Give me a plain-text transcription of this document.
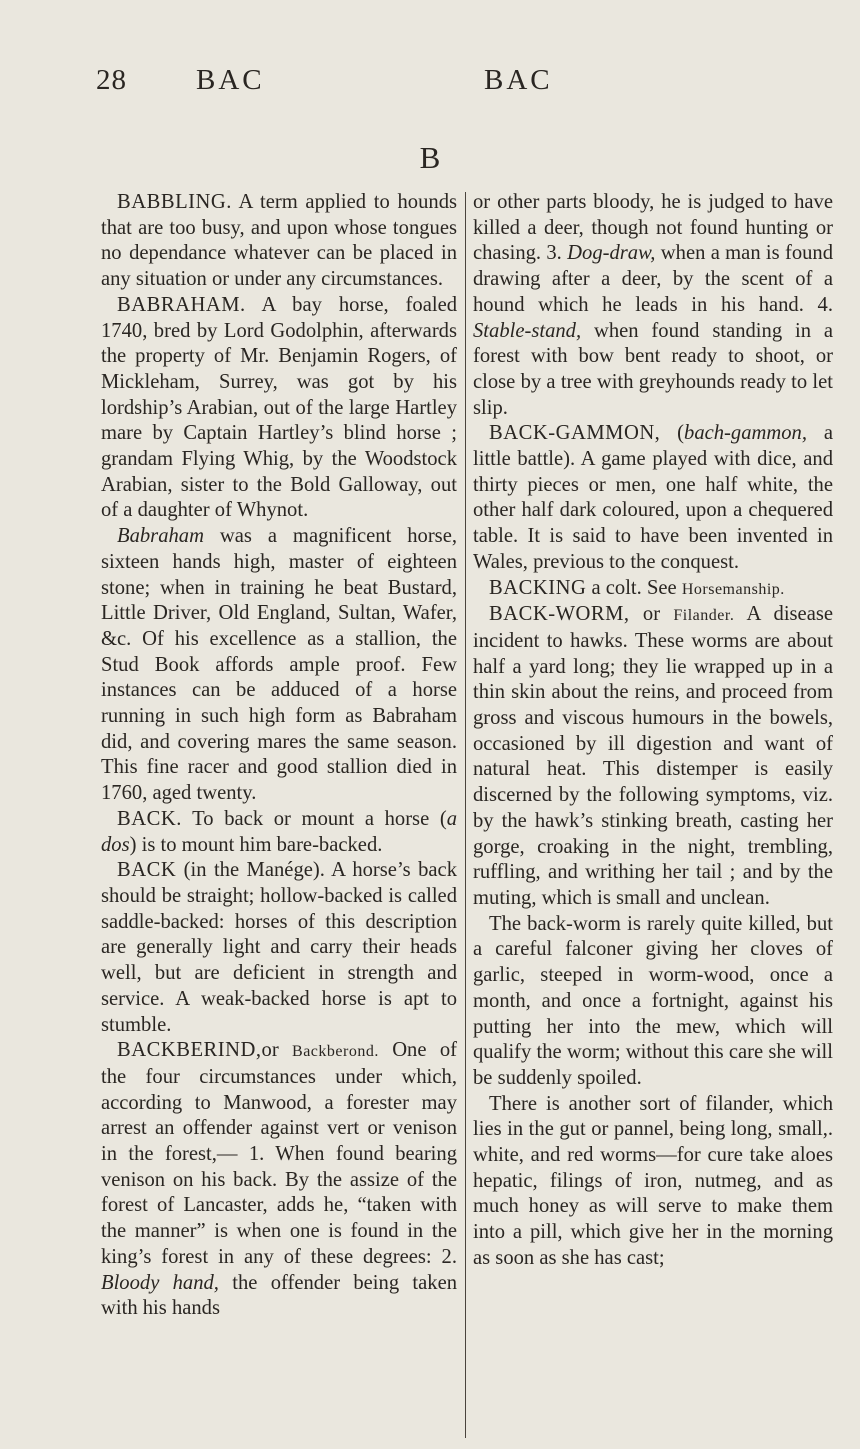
28 BAC	BAC
B

BABBLING. A term applied to hounds that are too busy, and upon whose tongues no dependance whatever can be placed in any situation or under any circumstances.

BABRAHAM. A bay horse, foaled 1740, bred by Lord Godolphin, afterwards the property of Mr. Benjamin Rogers, of Mickleham, Surrey, was got by his lordship’s Arabian, out of the large Hartley mare by Captain Hartley’s blind horse ; grandam Flying Whig, by the Woodstock Arabian, sister to the Bold Galloway, out of a daughter of Whynot.

Babraham was a magnificent horse, sixteen hands high, master of eighteen stone; when in training he beat Bustard, Little Driver, Old England, Sultan, Wafer, &c. Of his excellence as a stallion, the Stud Book affords ample proof. Few instances can be adduced of a horse running in such high form as Babraham did, and covering mares the same season. This fine racer and good stallion died in 1760, aged twenty.

BACK. To back or mount a horse (a dos) is to mount him bare-backed.

BACK (in the Manége). A horse’s back should be straight; hollow-backed is called saddle-backed: horses of this description are generally light and carry their heads well, but are deficient in strength and service. A weak-backed horse is apt to stumble.

BACKBERIND,or Backberond. One of the four circumstances under which, according to Manwood, a forester may arrest an offender against vert or venison in the forest,— 1. When found bearing venison on his back. By the assize of the forest of Lancaster, adds he, “taken with the manner” is when one is found in the king’s forest in any of these degrees: 2. Bloody hand, the offender being taken with his hands

or other parts bloody, he is judged to have killed a deer, though not found hunting or chasing. 3. Dog-draw, when a man is found drawing after a deer, by the scent of a hound which he leads in his hand. 4. Stable-stand, when found standing in a forest with bow bent ready to shoot, or close by a tree with greyhounds ready to let slip.

BACK-GAMMON, (bach-gammon, a little battle). A game played with dice, and thirty pieces or men, one half white, the other half dark coloured, upon a chequered table. It is said to have been invented in Wales, previous to the conquest.

BACKING a colt. See Horsemanship.

BACK-WORM, or Filander. A disease incident to hawks. These worms are about half a yard long; they lie wrapped up in a thin skin about the reins, and proceed from gross and viscous humours in the bowels, occasioned by ill digestion and want of natural heat. This distemper is easily discerned by the following symptoms, viz. by the hawk’s stinking breath, casting her gorge, croaking in the night, trembling, ruffling, and writhing her tail ; and by the muting, which is small and unclean.

The back-worm is rarely quite killed, but a careful falconer giving her cloves of garlic, steeped in worm-wood, once a month, and once a fortnight, against his putting her into the mew, which will qualify the worm; without this care she will be suddenly spoiled.

There is another sort of filander, which lies in the gut or pannel, being long, small,. white, and red worms—for cure take aloes hepatic, filings of iron, nutmeg, and as much honey as will serve to make them into a pill, which give her in the morning as soon as she has cast;
